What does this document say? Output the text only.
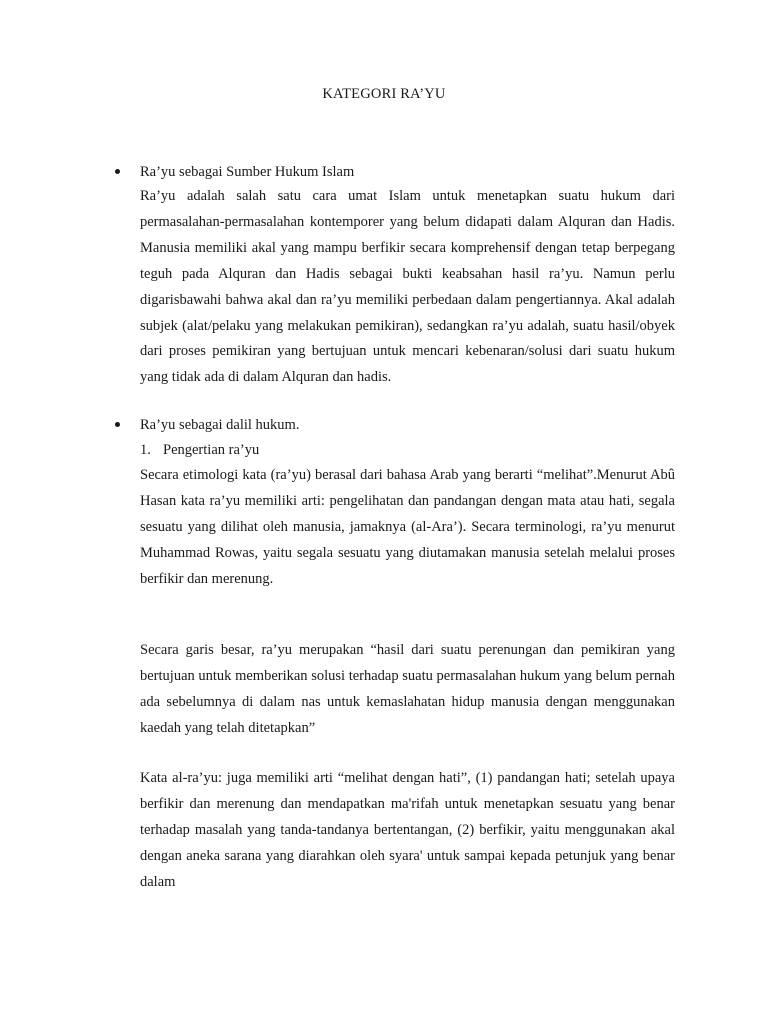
KATEGORI RA’YU
Ra’yu sebagai Sumber Hukum Islam

Ra’yu adalah salah satu cara umat Islam untuk menetapkan suatu hukum dari permasalahan-permasalahan kontemporer yang belum didapati dalam Alquran dan Hadis. Manusia memiliki akal yang mampu berfikir secara komprehensif dengan tetap berpegang teguh pada Alquran dan Hadis sebagai bukti keabsahan hasil ra’yu. Namun perlu digarisbawahi bahwa akal dan ra’yu memiliki perbedaan dalam pengertiannya. Akal adalah subjek (alat/pelaku yang melakukan pemikiran), sedangkan ra’yu adalah, suatu hasil/obyek dari proses pemikiran yang bertujuan untuk mencari kebenaran/solusi dari suatu hukum yang tidak ada di dalam Alquran dan hadis.

Ra’yu sebagai dalil hukum.
1. Pengertian ra’yu

Secara etimologi kata (ra’yu) berasal dari bahasa Arab yang berarti “melihat”.Menurut Abû Hasan kata ra’yu memiliki arti: pengelihatan dan pandangan dengan mata atau hati, segala sesuatu yang dilihat oleh manusia, jamaknya (al-Ara’). Secara terminologi, ra’yu menurut Muhammad Rowas, yaitu segala sesuatu yang diutamakan manusia setelah melalui proses berfikir dan merenung.

Secara garis besar, ra’yu merupakan “hasil dari suatu perenungan dan pemikiran yang bertujuan untuk memberikan solusi terhadap suatu permasalahan hukum yang belum pernah ada sebelumnya di dalam nas untuk kemaslahatan hidup manusia dengan menggunakan kaedah yang telah ditetapkan”

Kata al-ra’yu: juga memiliki arti “melihat dengan hati”, (1) pandangan hati; setelah upaya berfikir dan merenung dan mendapatkan ma'rifah untuk menetapkan sesuatu yang benar terhadap masalah yang tanda-tandanya bertentangan, (2) berfikir, yaitu menggunakan akal dengan aneka sarana yang diarahkan oleh syara' untuk sampai kepada petunjuk yang benar dalam
